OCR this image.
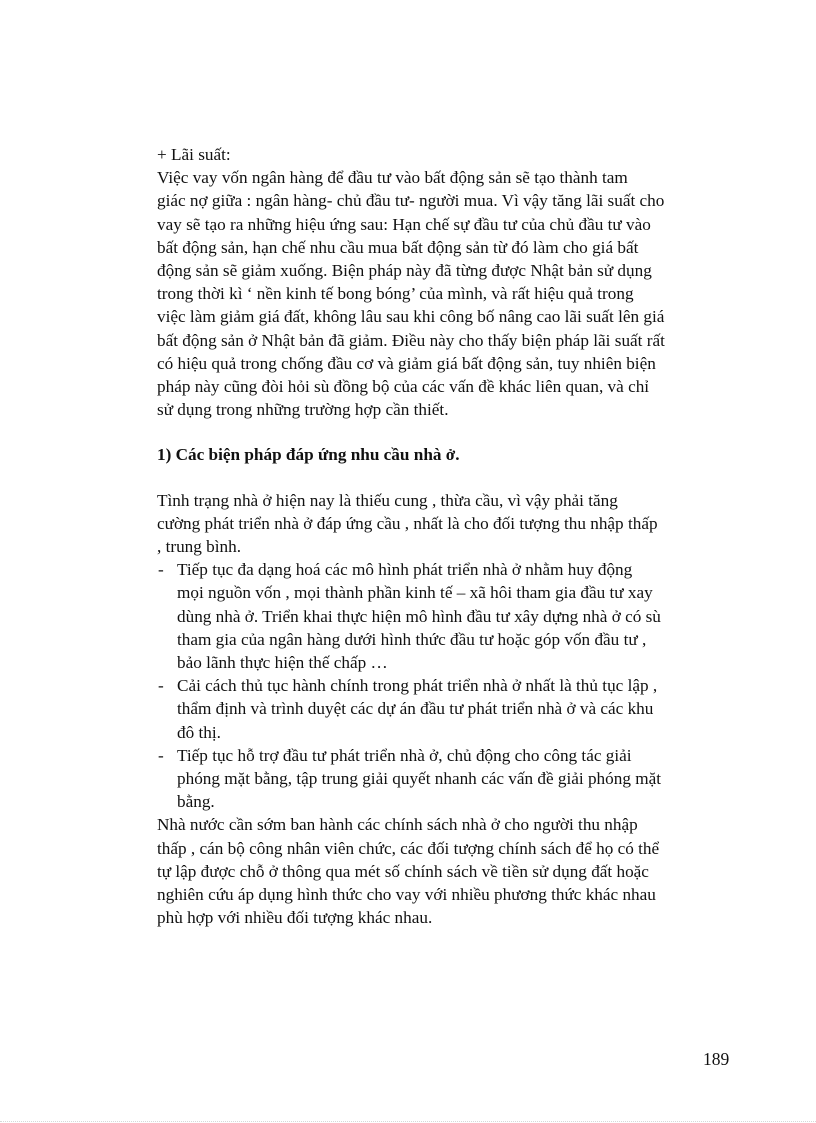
+ Lãi suất:
Việc vay vốn ngân hàng để đầu tư vào bất động sản sẽ tạo thành tam
giác nợ giữa : ngân hàng- chủ đầu tư- người mua. Vì vậy tăng lãi suất cho
vay sẽ tạo ra những hiệu ứng sau: Hạn chế sự đầu tư của chủ đầu tư vào
bất động sản, hạn chế nhu cầu mua bất động sản từ đó làm cho giá bất
động sản sẽ giảm xuống. Biện pháp này đã từng được Nhật bản sử dụng
trong thời kì ‘ nền kinh tế bong bóng’ của mình, và rất hiệu quả trong
việc làm giảm giá đất, không lâu sau khi công bố nâng cao lãi suất lên giá
bất động sản ở Nhật bản đã giảm. Điều này cho thấy biện pháp lãi suất rất
có hiệu quả trong chống đầu cơ và giảm giá bất động sản, tuy nhiên biện
pháp này cũng đòi hỏi sù đồng bộ của các vấn đề khác liên quan, và chỉ
sử dụng trong những trường hợp cần thiết.
1) Các biện pháp đáp ứng nhu cầu nhà ở.
Tình trạng nhà ở hiện nay là thiếu cung , thừa cầu, vì vậy phải tăng
cường phát triển nhà ở đáp ứng cầu , nhất là cho đối tượng thu nhập thấp
, trung bình.
- Tiếp tục đa dạng hoá các mô hình phát triển nhà ở nhằm huy động
mọi nguồn vốn , mọi thành phần kinh tế – xã hôi tham gia đầu tư xay
dùng nhà ở. Triển khai thực hiện mô hình đầu tư xây dựng nhà ở có sù
tham gia của ngân hàng dưới hình thức đầu tư hoặc góp vốn đầu tư ,
bảo lãnh thực hiện thế chấp …
- Cải cách thủ tục hành chính trong phát triển nhà ở nhất là thủ tục lập ,
thẩm định và trình duyệt các dự án đầu tư phát triển nhà ở và các khu
đô thị.
- Tiếp tục hỗ trợ đầu tư phát triển nhà ở, chủ động cho công tác giải
phóng mặt bằng, tập trung giải quyết nhanh các vấn đề giải phóng mặt
bằng.
Nhà nước cần sớm ban hành các chính sách nhà ở cho người thu nhập
thấp , cán bộ công nhân viên chức, các đối tượng chính sách để họ có thể
tự lập được chỗ ở thông qua mét số chính sách về tiền sử dụng đất hoặc
nghiên cứu áp dụng hình thức cho vay với nhiều phương thức khác nhau
phù hợp với nhiều đối tượng khác nhau.
189
